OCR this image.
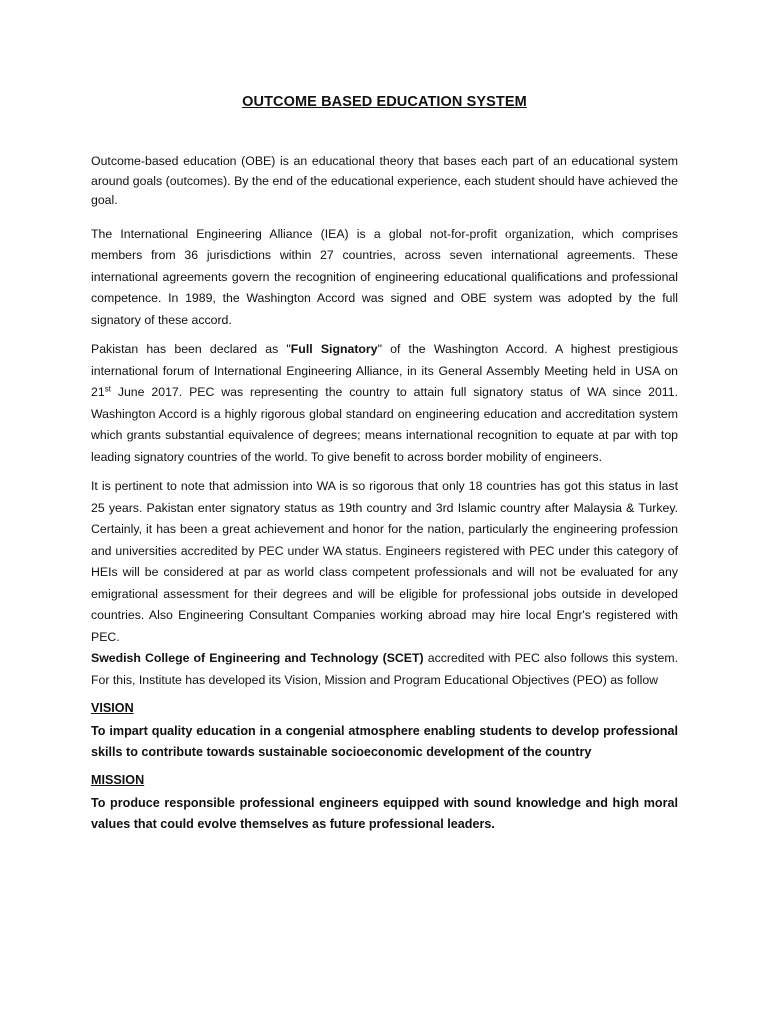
OUTCOME BASED EDUCATION SYSTEM

Outcome-based education (OBE) is an educational theory that bases each part of an educational system around goals (outcomes). By the end of the educational experience, each student should have achieved the goal.

The International Engineering Alliance (IEA) is a global not-for-profit organization, which comprises members from 36 jurisdictions within 27 countries, across seven international agreements. These international agreements govern the recognition of engineering educational qualifications and professional competence. In 1989, the Washington Accord was signed and OBE system was adopted by the full signatory of these accord.

Pakistan has been declared as "Full Signatory" of the Washington Accord. A highest prestigious international forum of International Engineering Alliance, in its General Assembly Meeting held in USA on 21st June 2017. PEC was representing the country to attain full signatory status of WA since 2011. Washington Accord is a highly rigorous global standard on engineering education and accreditation system which grants substantial equivalence of degrees; means international recognition to equate at par with top leading signatory countries of the world. To give benefit to across border mobility of engineers.

It is pertinent to note that admission into WA is so rigorous that only 18 countries has got this status in last 25 years. Pakistan enter signatory status as 19th country and 3rd Islamic country after Malaysia & Turkey. Certainly, it has been a great achievement and honor for the nation, particularly the engineering profession and universities accredited by PEC under WA status. Engineers registered with PEC under this category of HEIs will be considered at par as world class competent professionals and will not be evaluated for any emigrational assessment for their degrees and will be eligible for professional jobs outside in developed countries. Also Engineering Consultant Companies working abroad may hire local Engr's registered with PEC.

Swedish College of Engineering and Technology (SCET) accredited with PEC also follows this system. For this, Institute has developed its Vision, Mission and Program Educational Objectives (PEO) as follow

VISION
To impart quality education in a congenial atmosphere enabling students to develop professional skills to contribute towards sustainable socioeconomic development of the country
MISSION
To produce responsible professional engineers equipped with sound knowledge and high moral values that could evolve themselves as future professional leaders.
